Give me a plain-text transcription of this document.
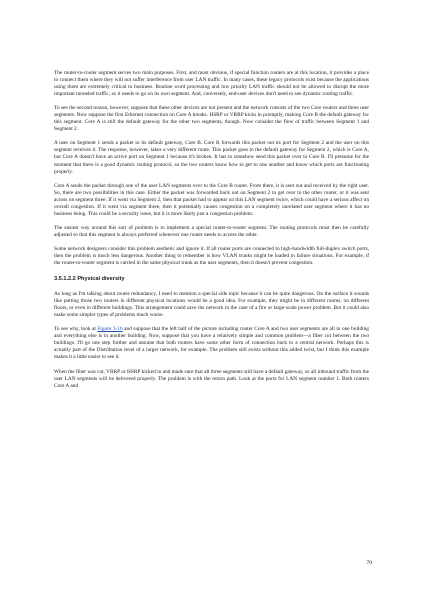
The router-to-router segment serves two main purposes. First, and most obvious, if special function routers are at this location, it provides a place to connect them where they will not suffer interference from user LAN traffic. In many cases, these legacy protocols exist because the applications using them are extremely critical to business. Routine word processing and low priority LAN traffic should not be allowed to disrupt the more important tunneled traffic, so it needs to go on its own segment. And, conversely, end-user devices don't need to see dynamic routing traffic.

To see the second reason, however, suppose that these other devices are not present and the network consists of the two Core routers and three user segments. Now suppose the first Ethernet connection on Core A breaks. HSRP or VRRP kicks in promptly, making Core B the default gateway for this segment. Core A is still the default gateway for the other two segments, though. Now consider the flow of traffic between Segment 1 and Segment 2.

A user on Segment 1 sends a packet to its default gateway, Core B. Core B forwards this packet out its port for Segment 2 and the user on this segment receives it. The response, however, takes a very different route. This packet goes to the default gateway for Segment 2, which is Core A, but Core A doesn't have an active port on Segment 1 because it's broken. It has to somehow send this packet over to Core B. I'll presume for the moment that there is a good dynamic routing protocol, so the two routers know how to get to one another and know which ports are functioning properly.

Core A sends the packet through one of the user LAN segments over to the Core B router. From there, it is sent out and received by the right user. So, there are two possibilities in this case. Either the packet was forwarded back out on Segment 2 to get over to the other router, or it was sent across on segment three. If it went via Segment 2, then that packet had to appear on this LAN segment twice, which could have a serious affect on overall congestion. If it went via segment three, then it potentially causes congestion on a completely unrelated user segment where it has no business being. This could be a security issue, but it is more likely just a congestion problem.

The easiest way around this sort of problem is to implement a special router-to-router segment. The routing protocols must then be carefully adjusted so that this segment is always preferred whenever one router needs to access the other.

Some network designers consider this problem aesthetic and ignore it. If all router ports are connected to high-bandwidth full-duplex switch ports, then the problem is much less dangerous. Another thing to remember is how VLAN trunks might be loaded in failure situations. For example, if the router-to-router segment is carried in the same physical trunk as the user segments, then it doesn't prevent congestion.

3.5.1.2.2 Physical diversity

As long as I'm talking about router redundancy, I need to mention a special side topic because it can be quite dangerous. On the surface it sounds like putting those two routers in different physical locations would be a good idea. For example, they might be in different rooms, on different floors, or even in different buildings. This arrangement could save the network in the case of a fire or large-scale power problem. But it could also make some simpler types of problems much worse.

To see why, look at Figure 3-16 and suppose that the left half of the picture including router Core A and two user segments are all in one building and everything else is in another building. Now, suppose that you have a relatively simple and common problem—a fiber cut between the two buildings. I'll go one step further and assume that both routers have some other form of connection back to a central network. Perhaps this is actually part of the Distribution level of a larger network, for example. The problem still exists without this added twist, but I think this example makes it a little easier to see it.

When the fiber was cut, VRRP or HSRP kicked in and made sure that all three segments still have a default gateway, so all inbound traffic from the user LAN segments will be delivered properly. The problem is with the return path. Look at the ports for LAN segment number 1. Both routers Core A and

70
